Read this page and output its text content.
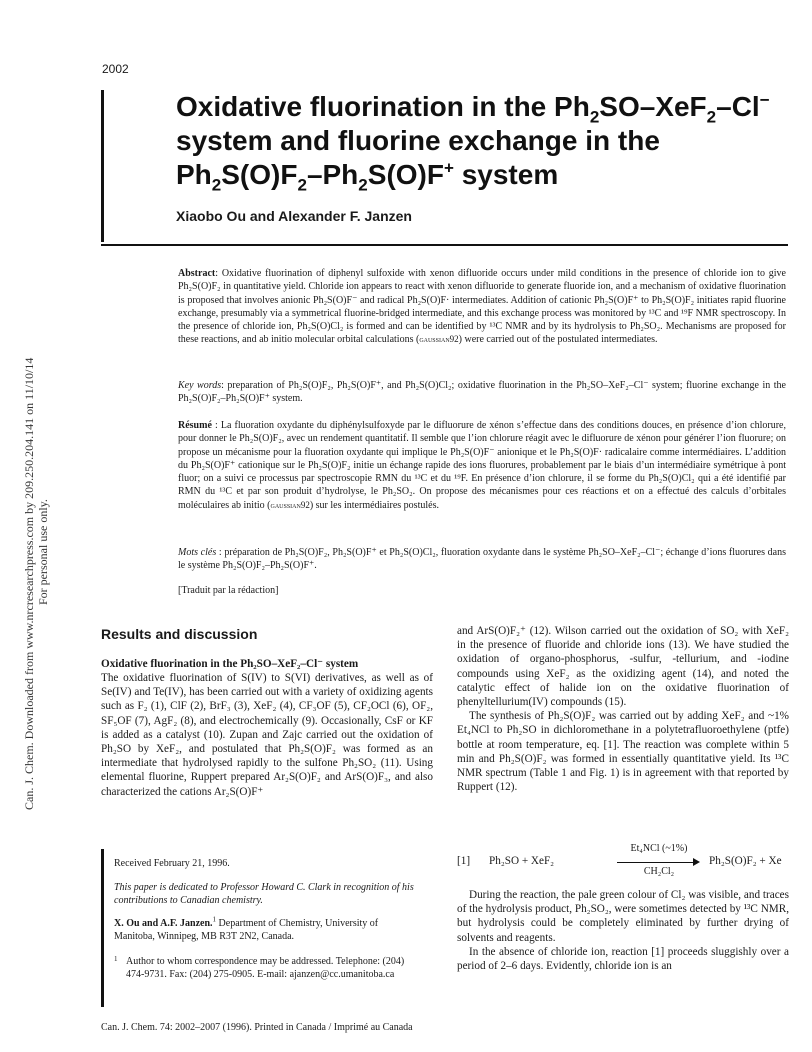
2002
Can. J. Chem. Downloaded from www.nrcresearchpress.com by 209.250.204.141 on 11/10/14 For personal use only.
Oxidative fluorination in the $Ph_2SO-XeF_2-Cl^-$ system and fluorine exchange in the $Ph_2S(O)F_2-Ph_2S(O)F^+$ system
Xiaobo Ou and Alexander F. Janzen
Abstract: Oxidative fluorination of diphenyl sulfoxide with xenon difluoride occurs under mild conditions in the presence of chloride ion to give Ph₂S(O)F₂ in quantitative yield. Chloride ion appears to react with xenon difluoride to generate fluoride ion, and a mechanism of oxidative fluorination is proposed that involves anionic Ph₂S(O)F⁻ and radical Ph₂S(O)F· intermediates. Addition of cationic Ph₂S(O)F⁺ to Ph₂S(O)F₂ initiates rapid fluorine exchange, presumably via a symmetrical fluorine-bridged intermediate, and this exchange process was monitored by ¹³C and ¹⁹F NMR spectroscopy. In the presence of chloride ion, Ph₂S(O)Cl₂ is formed and can be identified by ¹³C NMR and by its hydrolysis to Ph₂SO₂. Mechanisms are proposed for these reactions, and ab initio molecular orbital calculations (gaussian92) were carried out of the postulated intermediates.
Key words: preparation of Ph₂S(O)F₂, Ph₂S(O)F⁺, and Ph₂S(O)Cl₂; oxidative fluorination in the Ph₂SO–XeF₂–Cl⁻ system; fluorine exchange in the Ph₂S(O)F₂–Ph₂S(O)F⁺ system.
Résumé : La fluoration oxydante du diphénylsulfoxyde par le difluorure de xénon s’effectue dans des conditions douces, en présence d’ion chlorure, pour donner le Ph₂S(O)F₂, avec un rendement quantitatif. Il semble que l’ion chlorure réagit avec le difluorure de xénon pour générer l’ion fluorure; on propose un mécanisme pour la fluoration oxydante qui implique le Ph₂S(O)F⁻ anionique et le Ph₂S(O)F· radicalaire comme intermédiaires. L’addition du Ph₂S(O)F⁺ cationique sur le Ph₂S(O)F₂ initie un échange rapide des ions fluorures, probablement par le biais d’un intermédiaire symétrique à pont fluor; on a suivi ce processus par spectroscopie RMN du ¹³C et du ¹⁹F. En présence d’ion chlorure, il se forme du Ph₂S(O)Cl₂ qui a été identifié par RMN du ¹³C et par son produit d’hydrolyse, le Ph₂SO₂. On propose des mécanismes pour ces réactions et on a effectué des calculs d’orbitales moléculaires ab initio (gaussian92) sur les intermédiaires postulés.
Mots clés : préparation de Ph₂S(O)F₂, Ph₂S(O)F⁺ et Ph₂S(O)Cl₂, fluoration oxydante dans le système Ph₂SO–XeF₂–Cl⁻; échange d’ions fluorures dans le système Ph₂S(O)F₂–Ph₂S(O)F⁺.
[Traduit par la rédaction]
Results and discussion
Oxidative fluorination in the Ph₂SO–XeF₂–Cl⁻ system
The oxidative fluorination of S(IV) to S(VI) derivatives, as well as of Se(IV) and Te(IV), has been carried out with a variety of oxidizing agents such as F₂ (1), ClF (2), BrF₃ (3), XeF₂ (4), CF₃OF (5), CF₂OCl (6), OF₂, SF₅OF (7), AgF₂ (8), and electrochemically (9). Occasionally, CsF or KF is added as a catalyst (10). Zupan and Zajc carried out the oxidation of Ph₂SO by XeF₂, and postulated that Ph₂S(O)F₂ was formed as an intermediate that hydrolysed rapidly to the sulfone Ph₂SO₂ (11). Using elemental fluorine, Ruppert prepared Ar₂S(O)F₂ and ArS(O)F₃, and also characterized the cations Ar₂S(O)F⁺

and ArS(O)F₂⁺ (12). Wilson carried out the oxidation of SO₂ with XeF₂ in the presence of fluoride and chloride ions (13). We have studied the oxidation of organo-phosphorus, -sulfur, -tellurium, and -iodine compounds using XeF₂ as the oxidizing agent (14), and noted the catalytic effect of halide ion on the oxidative fluorination of phenyltellurium(IV) compounds (15).

The synthesis of Ph₂S(O)F₂ was carried out by adding XeF₂ and ~1% Et₄NCl to Ph₂SO in dichloromethane in a polytetrafluoroethylene (ptfe) bottle at room temperature, eq. [1]. The reaction was complete within 5 min and Ph₂S(O)F₂ was formed in essentially quantitative yield. Its ¹³C NMR spectrum (Table 1 and Fig. 1) is in agreement with that reported by Ruppert (12).

[1] Ph₂SO + XeF₂
Et₄NCl (~1%)
CH₂Cl₂
Ph₂S(O)F₂ + Xe

During the reaction, the pale green colour of Cl₂ was visible, and traces of the hydrolysis product, Ph₂SO₂, were sometimes detected by ¹³C NMR, but hydrolysis could be completely eliminated by further drying of solvents and reagents.

In the absence of chloride ion, reaction [1] proceeds sluggishly over a period of 2–6 days. Evidently, chloride ion is an

Received February 21, 1996.
This paper is dedicated to Professor Howard C. Clark in recognition of his contributions to Canadian chemistry.
X. Ou and A.F. Janzen.$^1$ Department of Chemistry, University of Manitoba, Winnipeg, MB R3T 2N2, Canada.
1 Author to whom correspondence may be addressed. Telephone: (204) 474-9731. Fax: (204) 275-0905. E-mail: ajanzen@cc.umanitoba.ca
Can. J. Chem. 74: 2002–2007 (1996). Printed in Canada / Imprimé au Canada
